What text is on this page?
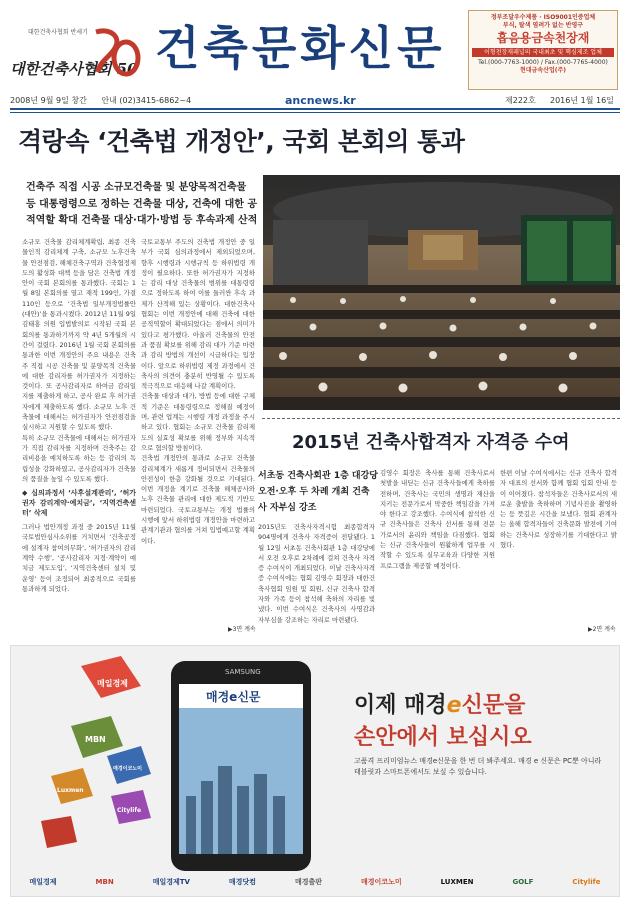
대한건축사협회 반세기
대한건축사협회 50 건축문화신문
정부조달우수제품 · ISO9001인증업체
부식, 탈색 염려가 없는 반영구
흡음용금속천장재
이형천장재패널의 국내최초 및 핵심제조 업체
Tel.(000-7763-1000) / Fax.(000-7765-4000)
현대금속산업(주)
2008년 9월 9일 창간 안내 (02)3415-6862~4	제222호 2016년 1월 16일
ancnews.kr
격랑속 ‘건축법 개정안’, 국회 본회의 통과
건축주 직접 시공 소규모건축물 및 분양목적건축물 등 대통령령으로 정하는 건축물 대상, 건축에 대한 공적역할 확대 건축물 대상·대가·방법 등 후속과제 산적

소규모 건축물 감리체계확립, 최종 건축물인적 감리체계 구축, 소규모 노후건축물 안전점검, 해체건축구역과 건축협정제도의 활성화 대책 등을 담은 건축법 개정안이 국회 본회의를 통과했다. 국회는 1월 8일 본회의를 열고 재적 199인, 가결 110인 등으로 ‘건축법 일부개정법률안(대안)’을 통과시켰다. 2012년 11월 9일 김태홍 의원 입법발의로 시작된 국회 본회의를 통과하기까지 약 4년 5개월의 시간이 걸렸다. 2016년 1월 국회 본회의를 통과한 이번 개정안의 주요 내용은 건축주 직접 시공 건축물 및 분양목적 건축물에 대한 감리자를 허가권자가 지정하는 것이다. 또 공사감리자로 하여금 감리일지를 제출하게 하고, 공사 완료 후 허가권자에게 제출하도록 했다. 소규모 노후 건축물에 대해서는 허가권자가 안전점검을 실시하고 지원할 수 있도록 했다.

특히 소규모 건축물에 대해서는 허가권자가 직접 감리자를 지정하며 건축주는 감리비용을 예치하도록 하는 등 감리의 독립성을 강화하였고, 공사감리자가 건축물의 품질을 높일 수 있도록 했다.

◆ 심의과정서 ‘사후설계관리’, ‘허가권자 감리계약·예치금’, ‘지역건축센터’ 삭제

그러나 법안개정 과정 중 2015년 11월 국토법안심사소위를 거치면서 ‘건축공정에 설계자 참여의무화’, ‘허가권자의 감리계약 수행’, ‘공사감리자 지정·계약이 예치금 제도도입’, ‘지역건축센터 설치 및 운영’ 등이 조정되어 최종적으로 국회를 통과하게 되었다.

국토교통부 주도의 건축법 개정안 중 일부가 국회 심의과정에서 제외되었으며, 향후 시행령과 시행규칙 등 하위법령 개정이 필요하다. 또한 허가권자가 지정하는 감리 대상 건축물의 범위를 대통령령으로 정하도록 하여 이를 둘러싼 후속 과제가 산적해 있는 상황이다. 대한건축사협회는 이번 개정안에 대해 건축에 대한 공적역할이 확대되었다는 점에서 의미가 있다고 평가했다. 아울러 건축물의 안전과 품질 확보를 위해 감리 대가 기준 마련과 감리 방법의 개선이 시급하다는 입장이다. 앞으로 하위법령 제정 과정에서 건축사의 의견이 충분히 반영될 수 있도록 적극적으로 대응해 나갈 계획이다.

건축물 대상과 대가, 방법 등에 대한 구체적 기준은 대통령령으로 정해질 예정이며, 관련 업계는 시행령 개정 과정을 주시하고 있다. 협회는 소규모 건축물 감리제도의 실효성 확보를 위해 정부와 지속적으로 협의할 방침이다.

건축법 개정안의 통과로 소규모 건축물 감리체계가 새롭게 정비되면서 건축물의 안전성이 한층 강화될 것으로 기대된다. 이번 개정을 계기로 건축물 해체공사와 노후 건축물 관리에 대한 제도적 기반도 마련되었다. 국토교통부는 개정 법률의 시행에 앞서 하위법령 개정안을 마련하고 관계기관과 협의를 거쳐 입법예고할 계획이다.

▶3면 계속
2015년 건축사합격자 자격증 수여
서초동 건축사회관 1층 대강당 오전·오후 두 차례 개최 건축사 자부심 강조

2015년도 건축사자격시험 최종합격자 904명에게 건축사 자격증이 전달됐다. 1월 12일 서초동 건축사회관 1층 대강당에서 오전 오후로 2차례에 걸쳐 건축사 자격증 수여식이 개최되었다. 이날 건축사자격증 수여식에는 협회 김영수 회장과 대한건축사협회 임원 및 회원, 신규 건축사 합격자와 가족 등이 참석해 축하의 자리를 빛냈다. 이번 수여식은 건축사의 사명감과 자부심을 강조하는 자리로 마련됐다.

김영수 회장은 축사를 통해 건축사로서 첫발을 내딛는 신규 건축사들에게 축하를 전하며, 건축사는 국민의 생명과 재산을 지키는 전문가로서 막중한 책임감을 가져야 한다고 강조했다. 수여식에 참석한 신규 건축사들은 건축사 선서를 통해 전문가로서의 윤리와 책임을 다짐했다. 협회는 신규 건축사들이 원활하게 업무를 시작할 수 있도록 실무교육과 다양한 지원 프로그램을 제공할 예정이다.

한편 이날 수여식에서는 신규 건축사 합격자 대표의 선서와 함께 협회 입회 안내 등이 이어졌다. 참석자들은 건축사로서의 새로운 출발을 축하하며 기념사진을 촬영하는 등 뜻깊은 시간을 보냈다. 협회 관계자는 올해 합격자들이 건축문화 발전에 기여하는 건축사로 성장하기를 기대한다고 밝혔다.

▶2면 계속
매일경제
MBN
매경이코노미
Luxmen
Citylife
SAMSUNG
매경e신문	이제 매경e신문을
손안에서 보십시오
고품격 프리미엄뉴스 매경e신문을 한 번 더 봐주세요. 매경 e 신문은 PC뿐 아니라 태블릿과 스마트폰에서도 보실 수 있습니다.
매일경제	MBN	매일경제TV	매경닷컴	매경출판	매경이코노미	LUXMEN	GOLF	Citylife
